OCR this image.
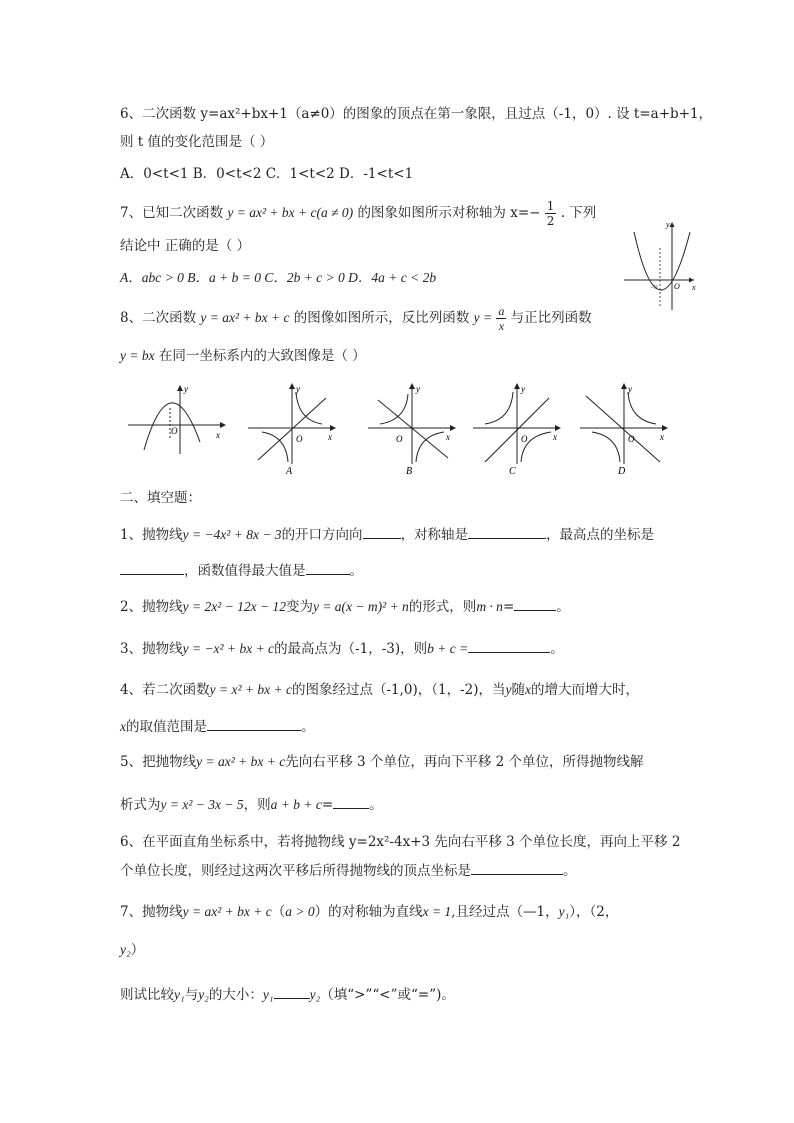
6、二次函数 y=ax²+bx+1（a≠0）的图象的顶点在第一象限，且过点（-1，0）. 设 t=a+b+1，
则 t 值的变化范围是（ ）
A．0<t<1 B．0<t<2 C．1<t<2 D．-1<t<1
7、已知二次函数 y = ax² + bx + c(a ≠ 0) 的图象如图所示对称轴为 $x=- \frac{1}{2}$ . 下列
结论中 正确的是（ ）
A．abc > 0 B．a + b = 0 C．2b + c > 0 D．4a + c < 2b
y
x
O
-½
8、二次函数 y = ax² + bx + c 的图像如图所示，反比列函数 $y = \frac{a}{x}$ 与正比列函数
y = bx 在同一坐标系内的大致图像是（ ）
y
x
O
y
x
O
A
y
x
O
B
y
x
O
C
y
x
O
D
二、填空题：
1、抛物线y = −4x² + 8x − 3的开口方向向	，对称轴是	，最高点的坐标是
，函数值得最大值是	。
2、抛物线y = 2x² − 12x − 12变为y = a(x − m)² + n的形式，则m · n=	。
3、抛物线y = −x² + bx + c的最高点为（-1，-3)，则b + c =	。
4、若二次函数y = x² + bx + c的图象经过点（-1,0)，（1，-2)，当y随x的增大而增大时，
x的取值范围是	。
5、把抛物线y = ax² + bx + c先向右平移 3 个单位，再向下平移 2 个单位，所得抛物线解
析式为y = x² − 3x − 5，则a + b + c=	。
6、在平面直角坐标系中，若将抛物线 y=2x²-4x+3 先向右平移 3 个单位长度，再向上平移 2
个单位长度，则经过这两次平移后所得抛物线的顶点坐标是	。
7、抛物线y = ax² + bx + c（a > 0）的对称轴为直线x = 1,且经过点（—1，y₁），（2，
y₂）
则试比较y₁与y₂的大小：y₁	y₂（填“>”“<”或“=”)。
